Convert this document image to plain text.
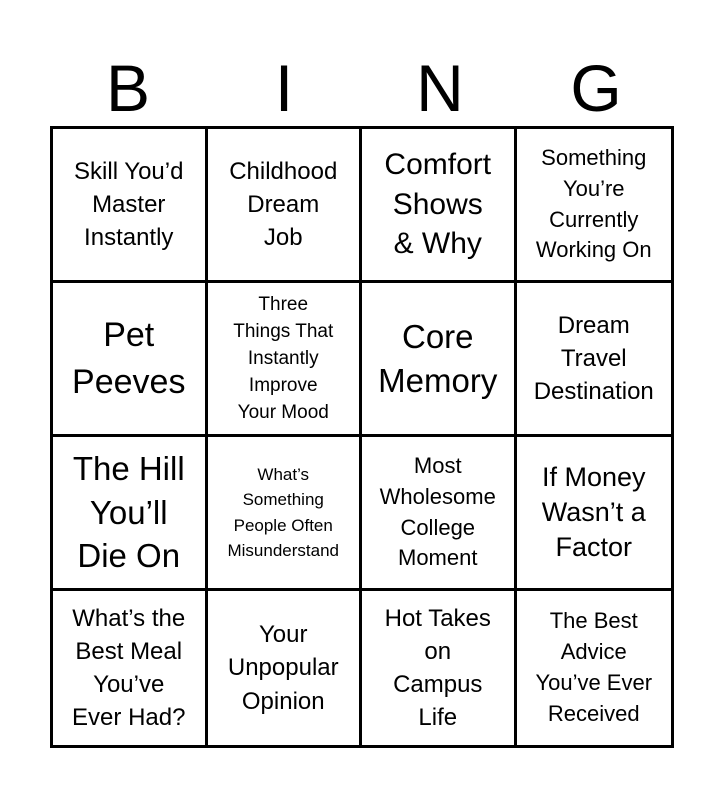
B	I	N	G
Skill You’d
Master
Instantly
Childhood
Dream
Job
Comfort
Shows
& Why
Something
You’re
Currently
Working On
Pet
Peeves
Three
Things That
Instantly
Improve
Your Mood
Core
Memory
Dream
Travel
Destination
The Hill
You’ll
Die On
What’s
Something
People Often
Misunderstand
Most
Wholesome
College
Moment
If Money
Wasn’t a
Factor
What’s the
Best Meal
You’ve
Ever Had?
Your
Unpopular
Opinion
Hot Takes
on
Campus
Life
The Best
Advice
You’ve Ever
Received
